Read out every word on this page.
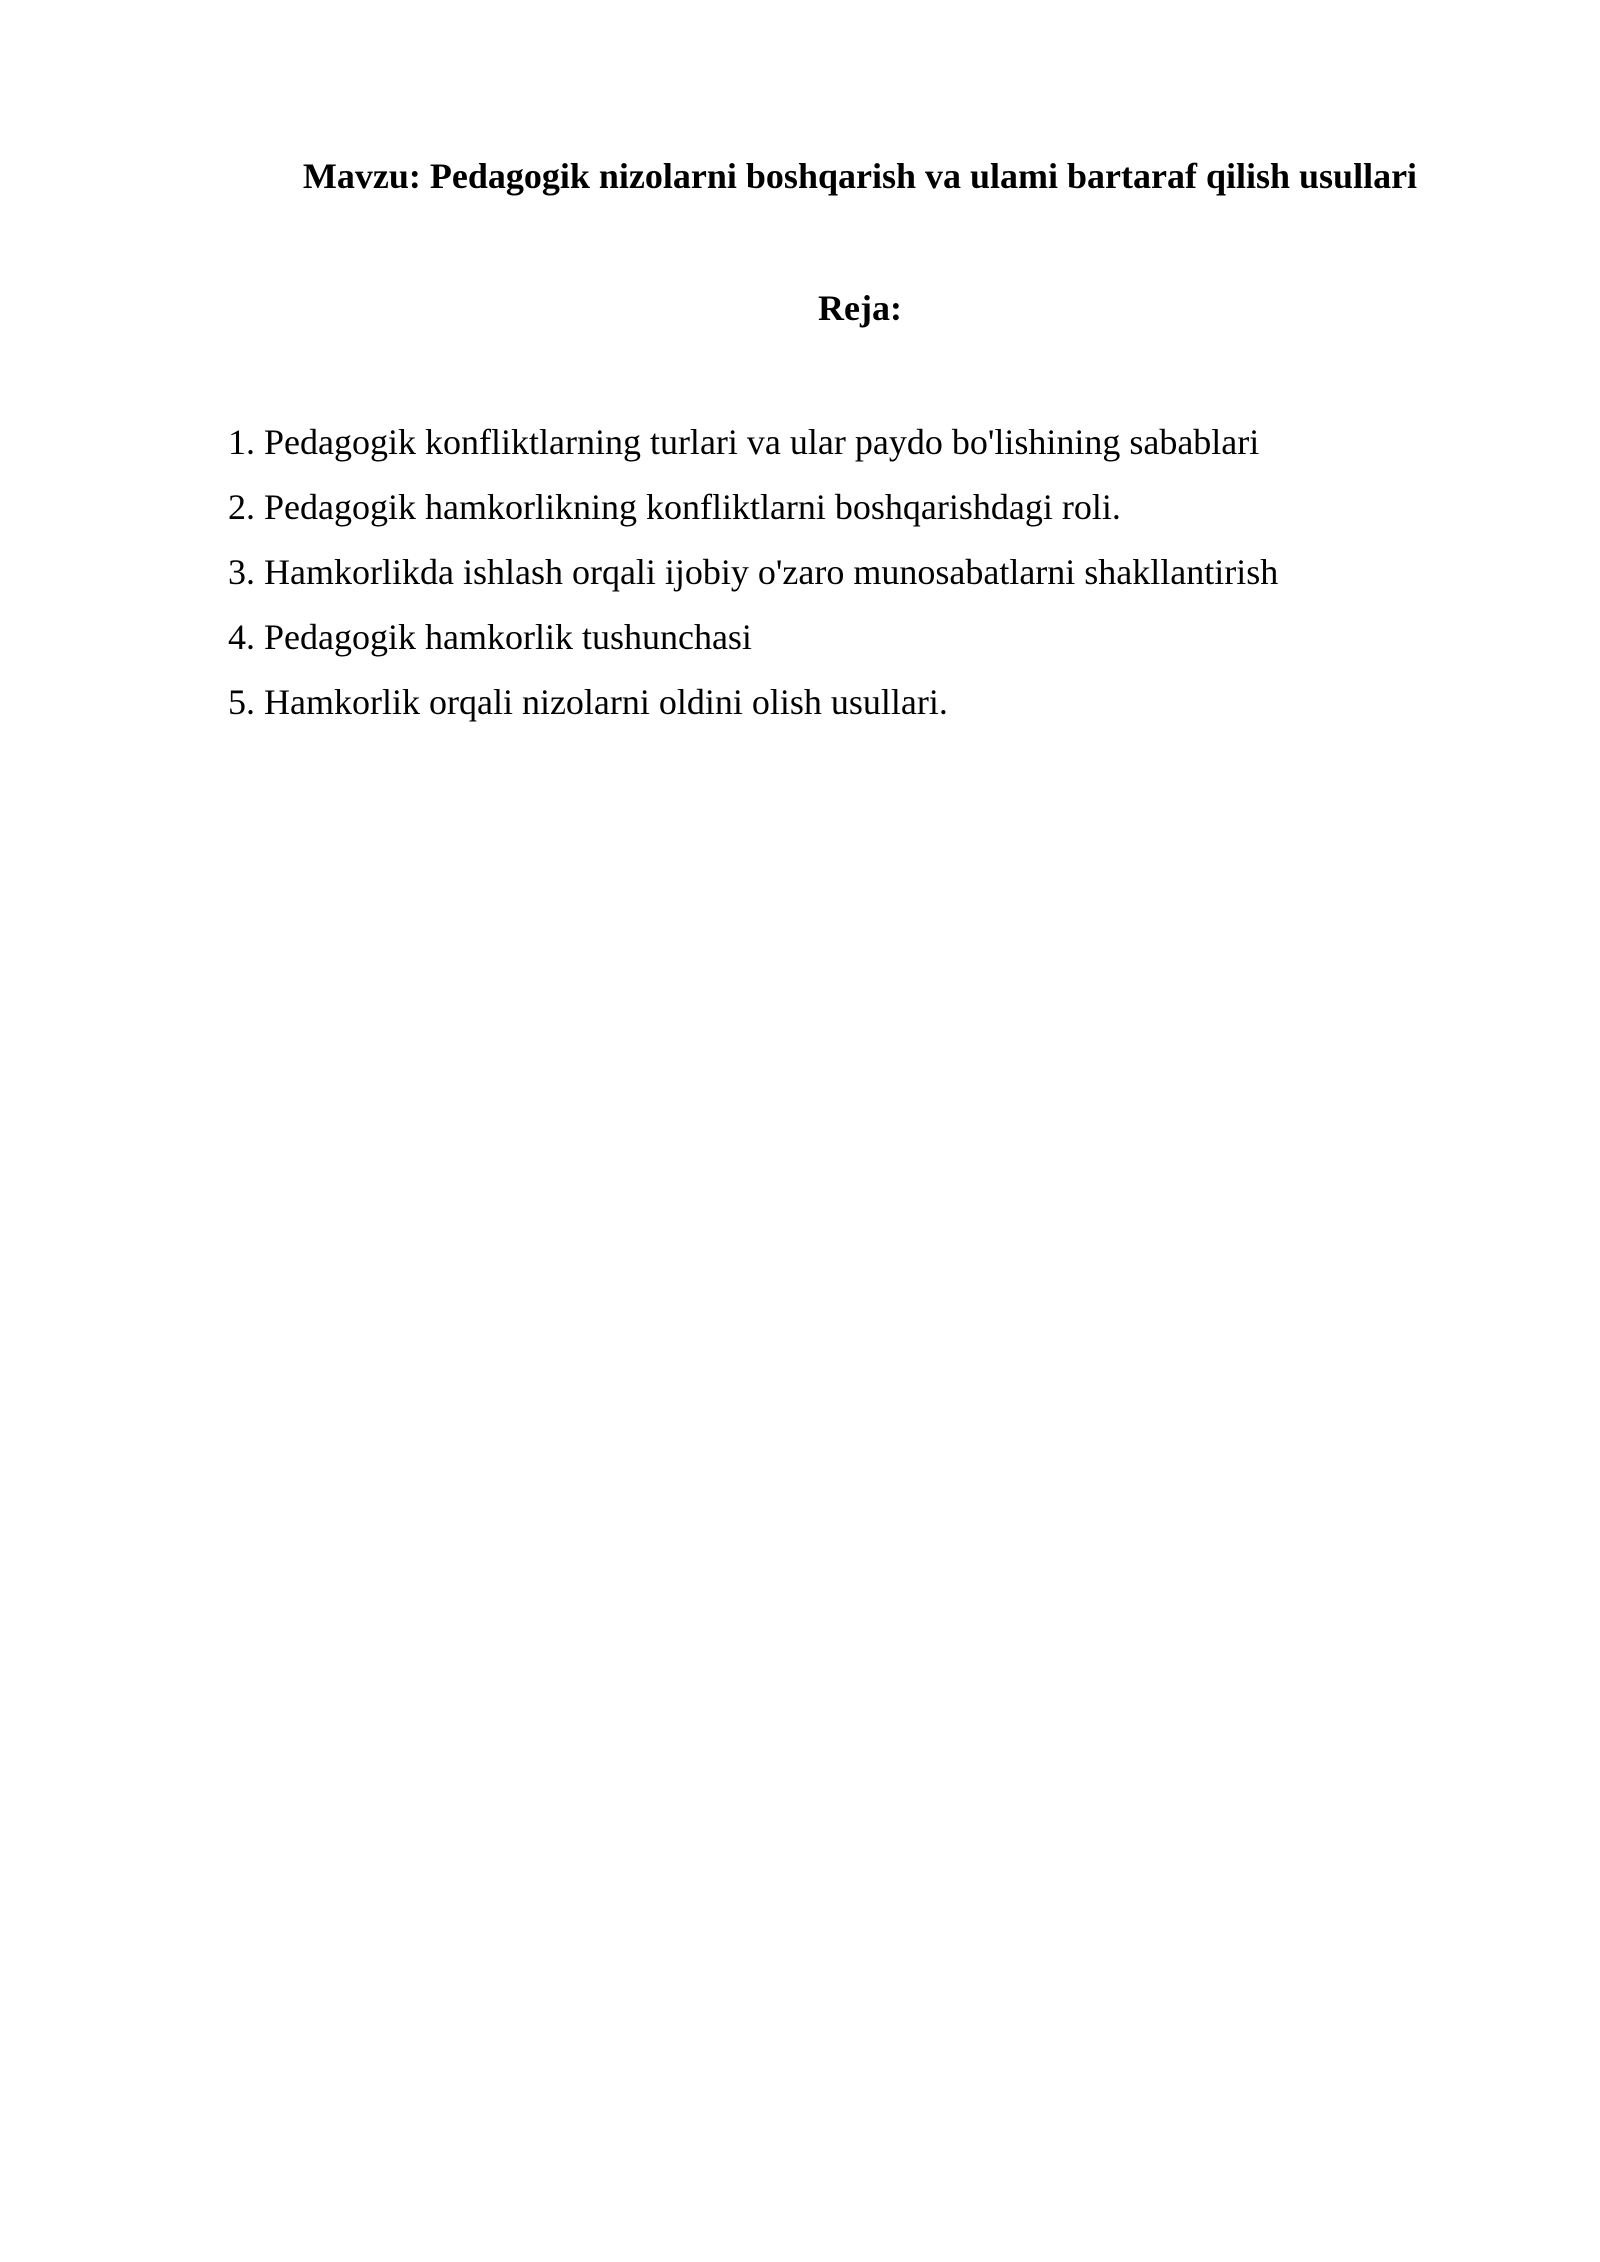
Mavzu: Pedagogik nizolarni boshqarish va ulami bartaraf qilish usullari
Reja:
1. Pedagogik konfliktlarning turlari va ular paydo bo'lishining sabablari
2. Pedagogik hamkorlikning konfliktlarni boshqarishdagi roli.
3. Hamkorlikda ishlash orqali ijobiy o'zaro munosabatlarni shakllantirish
4. Pedagogik hamkorlik tushunchasi
5. Hamkorlik orqali nizolarni oldini olish usullari.
